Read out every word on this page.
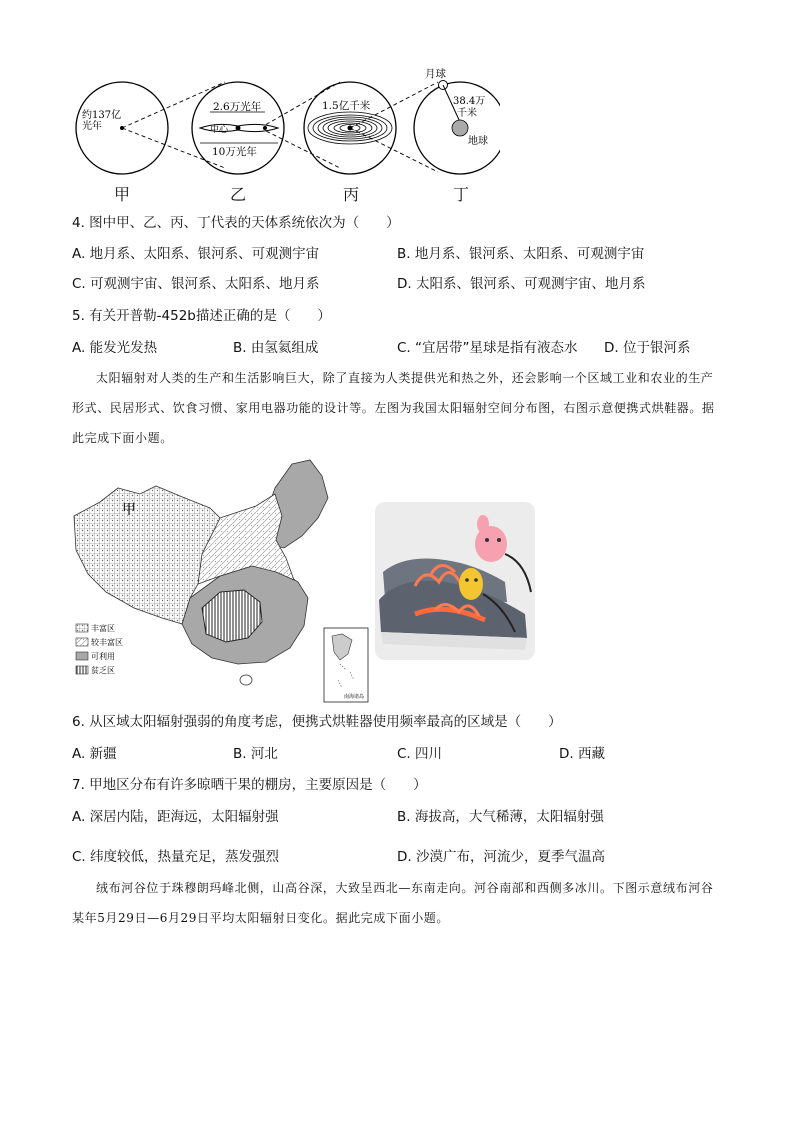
约137亿
光年
2.6万光年
中心
10万光年
1.5亿千米
月球
38.4万
千米
地球
甲	乙	丙	丁
4. 图中甲、乙、丙、丁代表的天体系统依次为（　　）
A. 地月系、太阳系、银河系、可观测宇宙	B. 地月系、银河系、太阳系、可观测宇宙
C. 可观测宇宙、银河系、太阳系、地月系	D. 太阳系、银河系、可观测宇宙、地月系
5. 有关开普勒-452b描述正确的是（　　）
A. 能发光发热	B. 由氢氦组成	C. “宜居带”星球是指有液态水 D. 位于银河系
太阳辐射对人类的生产和生活影响巨大，除了直接为人类提供光和热之外，还会影响一个区域工业和农业的生产形式、民居形式、饮食习惯、家用电器功能的设计等。左图为我国太阳辐射空间分布图，右图示意便携式烘鞋器。据此完成下面小题。
甲
丰富区
较丰富区
可利用
贫乏区
南海诸岛
6. 从区域太阳辐射强弱的角度考虑，便携式烘鞋器使用频率最高的区域是（　　）
A. 新疆	B. 河北	C. 四川	D. 西藏
7. 甲地区分布有许多晾晒干果的棚房，主要原因是（　　）
A. 深居内陆，距海远，太阳辐射强	B. 海拔高，大气稀薄，太阳辐射强
C. 纬度较低，热量充足，蒸发强烈	D. 沙漠广布，河流少，夏季气温高
绒布河谷位于珠穆朗玛峰北侧，山高谷深，大致呈西北—东南走向。河谷南部和西侧多冰川。下图示意绒布河谷某年5月29日—6月29日平均太阳辐射日变化。据此完成下面小题。
